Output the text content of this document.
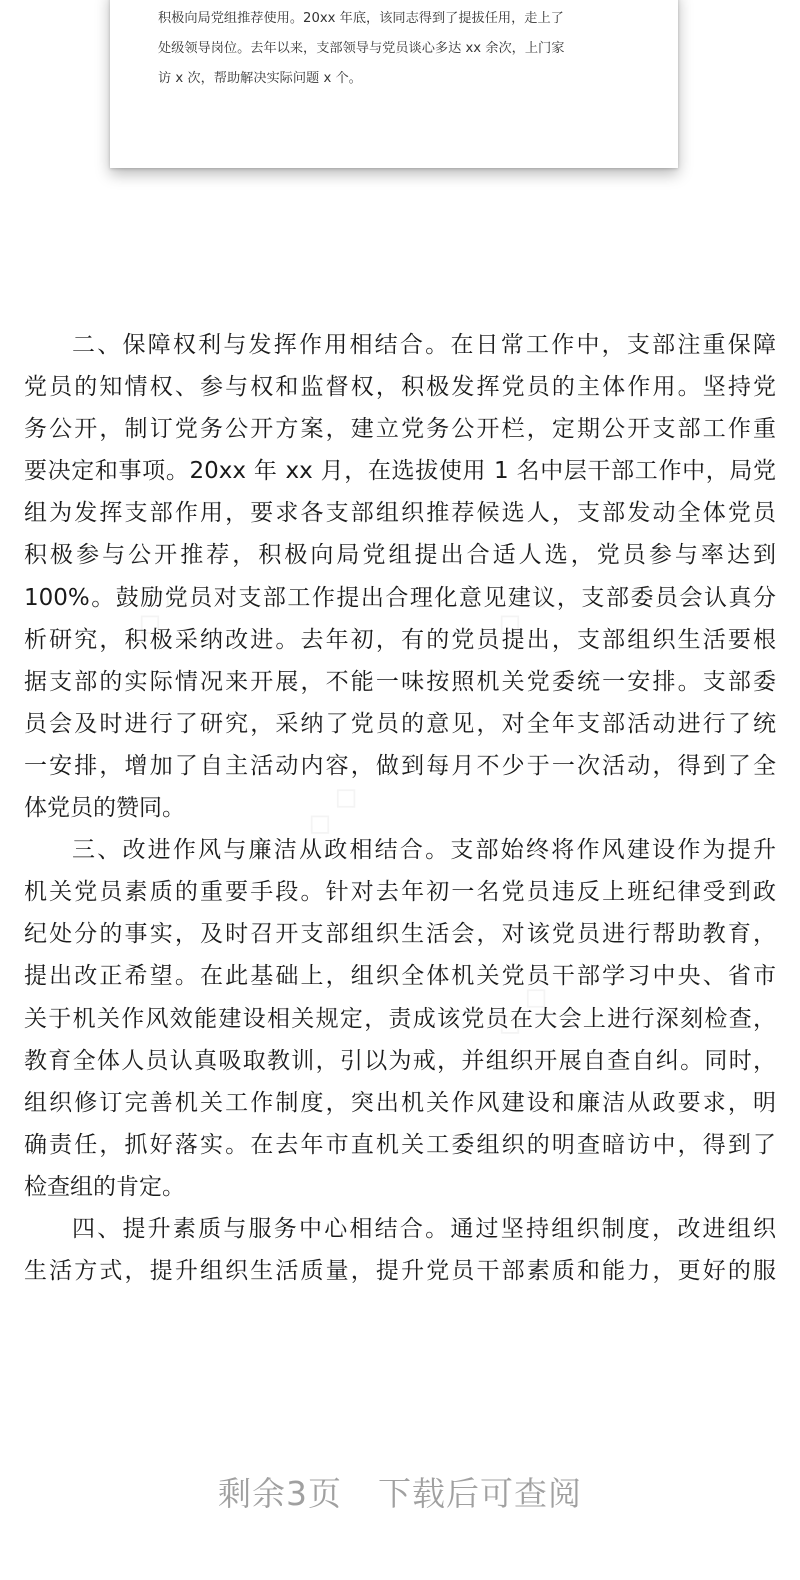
积极向局党组推荐使用。20xx 年底，该同志得到了提拔任用，走上了

处级领导岗位。去年以来，支部领导与党员谈心多达 xx 余次，上门家

访 x 次，帮助解决实际问题 x 个。

二、保障权利与发挥作用相结合。在日常工作中，支部注重保障

党员的知情权、参与权和监督权，积极发挥党员的主体作用。坚持党

务公开，制订党务公开方案，建立党务公开栏，定期公开支部工作重

要决定和事项。20xx 年 xx 月，在选拔使用 1 名中层干部工作中，局党

组为发挥支部作用，要求各支部组织推荐候选人，支部发动全体党员

积极参与公开推荐，积极向局党组提出合适人选，党员参与率达到

100%。鼓励党员对支部工作提出合理化意见建议，支部委员会认真分

析研究，积极采纳改进。去年初，有的党员提出，支部组织生活要根

据支部的实际情况来开展，不能一味按照机关党委统一安排。支部委

员会及时进行了研究，采纳了党员的意见，对全年支部活动进行了统

一安排，增加了自主活动内容，做到每月不少于一次活动，得到了全

体党员的赞同。

三、改进作风与廉洁从政相结合。支部始终将作风建设作为提升

机关党员素质的重要手段。针对去年初一名党员违反上班纪律受到政

纪处分的事实，及时召开支部组织生活会，对该党员进行帮助教育，

提出改正希望。在此基础上，组织全体机关党员干部学习中央、省市

关于机关作风效能建设相关规定，责成该党员在大会上进行深刻检查，

教育全体人员认真吸取教训，引以为戒，并组织开展自查自纠。同时，

组织修订完善机关工作制度，突出机关作风建设和廉洁从政要求，明

确责任，抓好落实。在去年市直机关工委组织的明查暗访中，得到了

检查组的肯定。

四、提升素质与服务中心相结合。通过坚持组织制度，改进组织

生活方式，提升组织生活质量，提升党员干部素质和能力，更好的服

剩余3页 下载后可查阅
